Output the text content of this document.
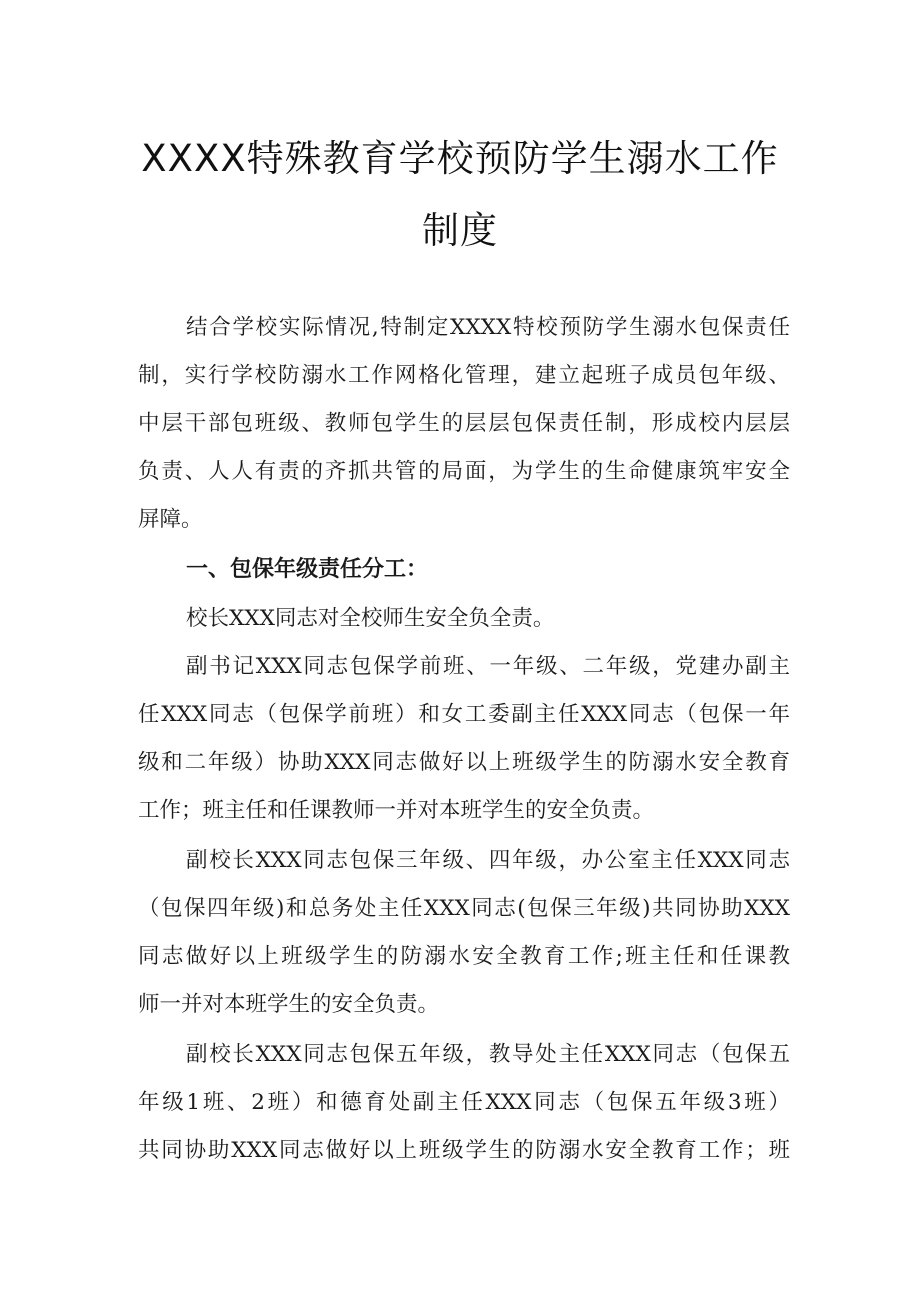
XXXX特殊教育学校预防学生溺水工作
制度
结合学校实际情况,特制定XXXX特校预防学生溺水包保责任
制，实行学校防溺水工作网格化管理，建立起班子成员包年级、
中层干部包班级、教师包学生的层层包保责任制，形成校内层层
负责、人人有责的齐抓共管的局面，为学生的生命健康筑牢安全
屏障。
一、包保年级责任分工：
校长XXX同志对全校师生安全负全责。
副书记XXX同志包保学前班、一年级、二年级，党建办副主
任XXX同志（包保学前班）和女工委副主任XXX同志（包保一年
级和二年级）协助XXX同志做好以上班级学生的防溺水安全教育
工作；班主任和任课教师一并对本班学生的安全负责。
副校长XXX同志包保三年级、四年级，办公室主任XXX同志
（包保四年级)和总务处主任XXX同志(包保三年级)共同协助XXX
同志做好以上班级学生的防溺水安全教育工作;班主任和任课教
师一并对本班学生的安全负责。
副校长XXX同志包保五年级，教导处主任XXX同志（包保五
年级1班、2班）和德育处副主任XXX同志（包保五年级3班）
共同协助XXX同志做好以上班级学生的防溺水安全教育工作；班
